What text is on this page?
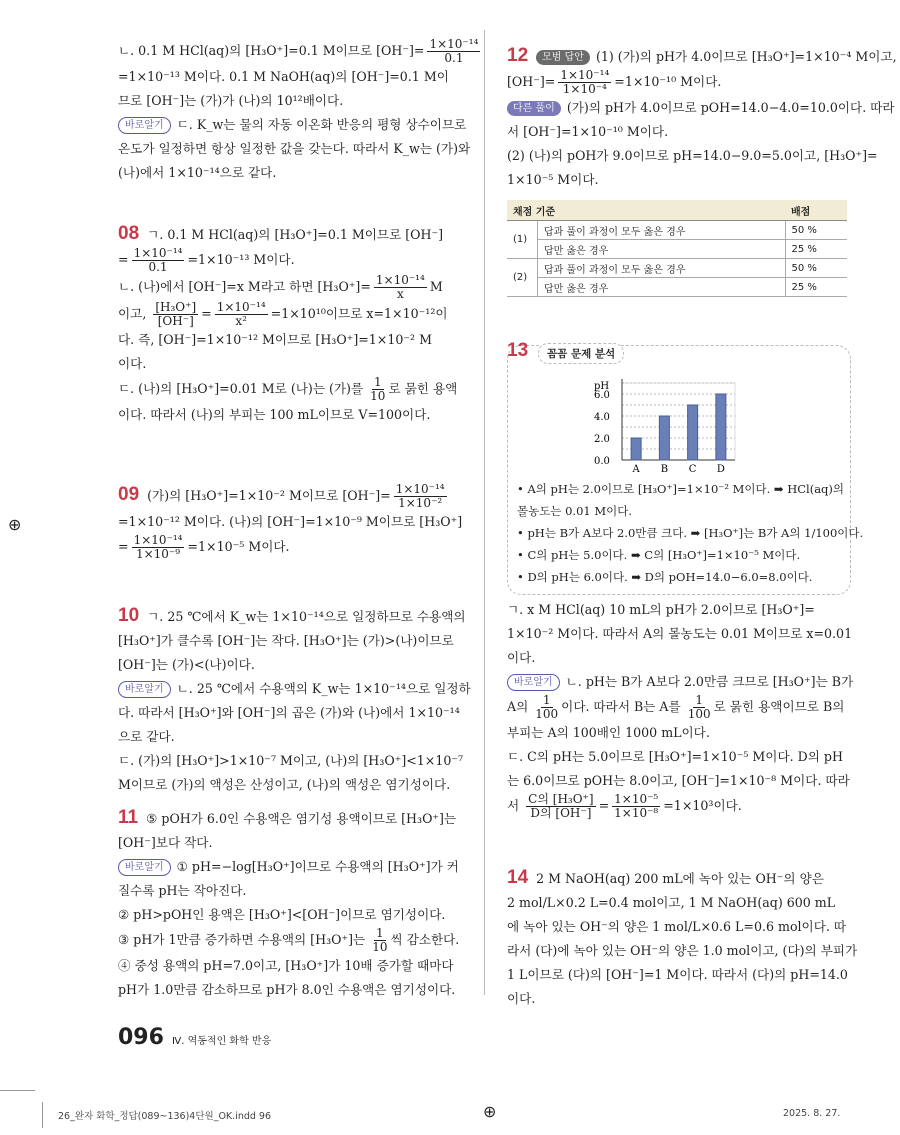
ㄴ. 0.1 M HCl(aq)의 [H₃O⁺]=0.1 M이므로 $[OH^-]= \frac{\text{1×10⁻¹⁴}}{0.1}$
=1×10⁻¹³ M이다. 0.1 M NaOH(aq)의 [OH⁻]=0.1 M이
므로 [OH⁻]는 (가)가 (나)의 10¹²배이다.
바로알기 ㄷ. K_w는 물의 자동 이온화 반응의 평형 상수이므로
온도가 일정하면 항상 일정한 값을 갖는다. 따라서 K_w는 (가)와
(나)에서 1×10⁻¹⁴으로 같다.
08 ㄱ. 0.1 M HCl(aq)의 [H₃O⁺]=0.1 M이므로 [OH⁻]
= $\frac{\text{1×10⁻¹⁴}}{0.1} =1\times 10^{-13}$ M이다.
ㄴ. (나)에서 [OH⁻]=x M라고 하면 $[H_3O^+]= \frac{\text{1×10⁻¹⁴}}{x}$ M
이고, $\frac{\text{[H₃O⁺]}}{[OH^-]} = \frac{\text{1×10⁻¹⁴}}{\text{x²}} =1\times 10^{10}$이므로 x=1×10⁻¹²이
다. 즉, [OH⁻]=1×10⁻¹² M이므로 [H₃O⁺]=1×10⁻² M
이다.
ㄷ. (나)의 [H₃O⁺]=0.01 M로 (나)는 (가)를 $\frac{1}{10}$ 로 묽힌 용액
이다. 따라서 (나)의 부피는 100 mL이므로 V=100이다.
09 (가)의 [H₃O⁺]=1×10⁻² M이므로 $[OH^-]= \frac{\text{1×10⁻¹⁴}}{\text{1×10⁻²}}$
=1×10⁻¹² M이다. (나)의 [OH⁻]=1×10⁻⁹ M이므로 [H₃O⁺]
= $\frac{\text{1×10⁻¹⁴}}{\text{1×10⁻⁹}} =1\times 10^{-5}$ M이다.
10 ㄱ. 25 ℃에서 K_w는 1×10⁻¹⁴으로 일정하므로 수용액의
[H₃O⁺]가 클수록 [OH⁻]는 작다. [H₃O⁺]는 (가)>(나)이므로
[OH⁻]는 (가)<(나)이다.
바로알기 ㄴ. 25 ℃에서 수용액의 K_w는 1×10⁻¹⁴으로 일정하
다. 따라서 [H₃O⁺]와 [OH⁻]의 곱은 (가)와 (나)에서 1×10⁻¹⁴
으로 같다.
ㄷ. (가)의 [H₃O⁺]>1×10⁻⁷ M이고, (나)의 [H₃O⁺]<1×10⁻⁷
M이므로 (가)의 액성은 산성이고, (나)의 액성은 염기성이다.
11 ⑤ pOH가 6.0인 수용액은 염기성 용액이므로 [H₃O⁺]는
[OH⁻]보다 작다.
바로알기 ① pH=−log[H₃O⁺]이므로 수용액의 [H₃O⁺]가 커
질수록 pH는 작아진다.
② pH>pOH인 용액은 [H₃O⁺]<[OH⁻]이므로 염기성이다.
③ pH가 1만큼 증가하면 수용액의 [H₃O⁺]는 $\frac{1}{10}$ 씩 감소한다.
④ 중성 용액의 pH=7.0이고, [H₃O⁺]가 10배 증가할 때마다
pH가 1.0만큼 감소하므로 pH가 8.0인 수용액은 염기성이다.
12 모범 답안 (1) (가)의 pH가 4.0이므로 [H₃O⁺]=1×10⁻⁴ M이고,
$[OH^-]= \frac{\text{1×10⁻¹⁴}}{\text{1×10⁻⁴}} =1\times 10^{-10}$ M이다.
다른 풀이 (가)의 pH가 4.0이므로 pOH=14.0−4.0=10.0이다. 따라
서 [OH⁻]=1×10⁻¹⁰ M이다.
(2) (나)의 pOH가 9.0이므로 pH=14.0−9.0=5.0이고, [H₃O⁺]=
1×10⁻⁵ M이다.
ㄱ. x M HCl(aq) 10 mL의 pH가 2.0이므로 [H₃O⁺]=
1×10⁻² M이다. 따라서 A의 몰농도는 0.01 M이므로 x=0.01
이다.
바로알기 ㄴ. pH는 B가 A보다 2.0만큼 크므로 [H₃O⁺]는 B가
A의 $\frac{1}{100}$ 이다. 따라서 B는 A를 $\frac{1}{100}$ 로 묽힌 용액이므로 B의
부피는 A의 100배인 1000 mL이다.
ㄷ. C의 pH는 5.0이므로 [H₃O⁺]=1×10⁻⁵ M이다. D의 pH
는 6.0이므로 pOH는 8.0이고, [OH⁻]=1×10⁻⁸ M이다. 따라
서 C의 [H₃O⁺]
D의 $[OH^-] = \frac{\text{1×10⁻⁵}}{\text{1×10⁻⁸}} =1\times 10^3$이다.
14 2 M NaOH(aq) 200 mL에 녹아 있는 OH⁻의 양은
2 mol/L×0.2 L=0.4 mol이고, 1 M NaOH(aq) 600 mL
에 녹아 있는 OH⁻의 양은 1 mol/L×0.6 L=0.6 mol이다. 따
라서 (다)에 녹아 있는 OH⁻의 양은 1.0 mol이고, (다)의 부피가
1 L이므로 (다)의 [OH⁻]=1 M이다. 따라서 (다)의 pH=14.0
이다.
채점 기준		배점
(1)	답과 풀이 과정이 모두 옳은 경우	50 %
	답만 옳은 경우	25 %
(2)	답과 풀이 과정이 모두 옳은 경우	50 %
	답만 옳은 경우	25 %
13	꼼꼼 문제 분석
pH
0.0
2.0
4.0
6.0
A B C D
• A의 pH는 2.0이므로 [H₃O⁺]=1×10⁻² M이다. ➡ HCl(aq)의
몰농도는 0.01 M이다.
• pH는 B가 A보다 2.0만큼 크다. ➡ [H₃O⁺]는 B가 A의 1/100이다.
• C의 pH는 5.0이다. ➡ C의 [H₃O⁺]=1×10⁻⁵ M이다.
• D의 pH는 6.0이다. ➡ D의 pOH=14.0−6.0=8.0이다.
096 Ⅳ. 역동적인 화학 반응
26_완자 화학_정답(089~136)4단원_OK.indd 96	2025. 8. 27.
⊕
⊕
